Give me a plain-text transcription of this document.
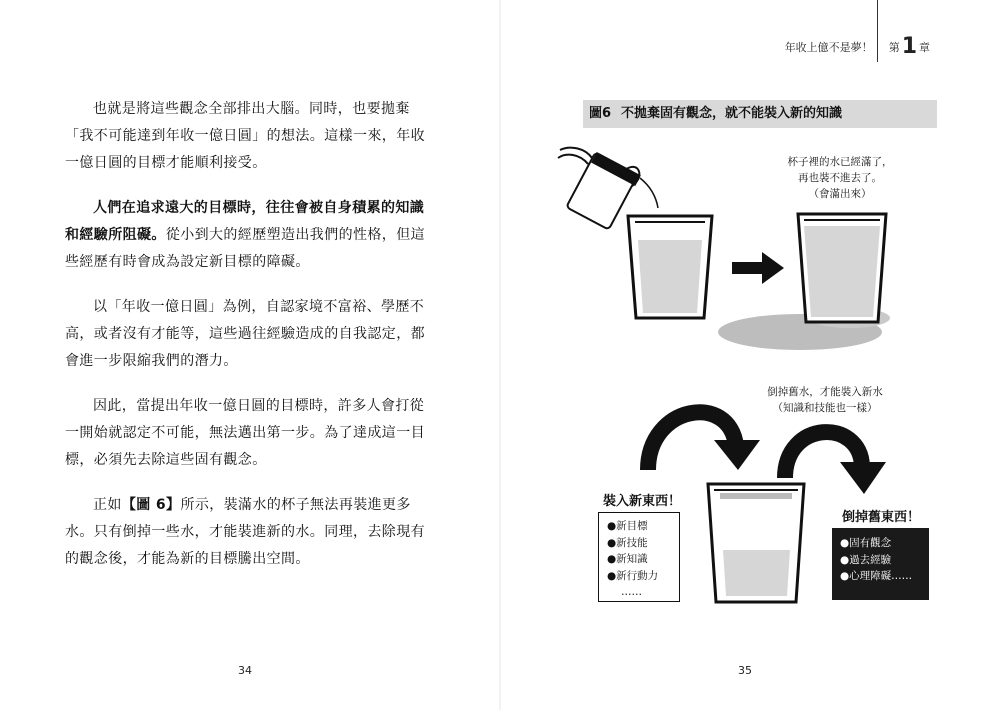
也就是將這些觀念全部排出大腦。同時，也要拋棄「我不可能達到年收一億日圓」的想法。這樣一來，年收一億日圓的目標才能順利接受。

人們在追求遠大的目標時，往往會被自身積累的知識和經驗所阻礙。從小到大的經歷塑造出我們的性格，但這些經歷有時會成為設定新目標的障礙。

以「年收一億日圓」為例，自認家境不富裕、學歷不高，或者沒有才能等，這些過往經驗造成的自我認定，都會進一步限縮我們的潛力。

因此，當提出年收一億日圓的目標時，許多人會打從一開始就認定不可能，無法邁出第一步。為了達成這一目標，必須先去除這些固有觀念。

正如【圖 6】所示，裝滿水的杯子無法再裝進更多水。只有倒掉一些水，才能裝進新的水。同理，去除現有的觀念後，才能為新的目標騰出空間。

34
年收上億不是夢！ 第 1 章
圖6 不拋棄固有觀念，就不能裝入新的知識
杯子裡的水已經滿了，
再也裝不進去了。
（會滿出來）
倒掉舊水，才能裝入新水
（知識和技能也一樣）
裝入新東西！
倒掉舊東西！
●新目標
●新技能
●新知識
●新行動力
……
●固有觀念
●過去經驗
●心理障礙……
35
